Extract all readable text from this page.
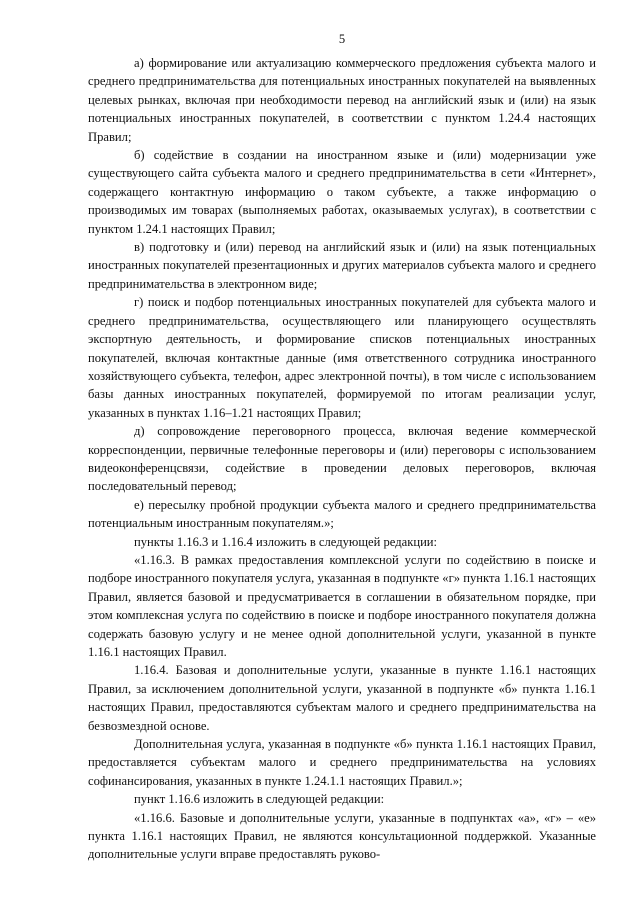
5

а) формирование или актуализацию коммерческого предложения субъекта малого и среднего предпринимательства для потенциальных иностранных покупателей на выявленных целевых рынках, включая при необходимости перевод на английский язык и (или) на язык потенциальных иностранных покупателей, в соответствии с пунктом 1.24.4 настоящих Правил;

б) содействие в создании на иностранном языке и (или) модернизации уже существующего сайта субъекта малого и среднего предпринимательства в сети «Интернет», содержащего контактную информацию о таком субъекте, а также информацию о производимых им товарах (выполняемых работах, оказываемых услугах), в соответствии с пунктом 1.24.1 настоящих Правил;

в) подготовку и (или) перевод на английский язык и (или) на язык потенциальных иностранных покупателей презентационных и других материалов субъекта малого и среднего предпринимательства в электронном виде;

г) поиск и подбор потенциальных иностранных покупателей для субъекта малого и среднего предпринимательства, осуществляющего или планирующего осуществлять экспортную деятельность, и формирование списков потенциальных иностранных покупателей, включая контактные данные (имя ответственного сотрудника иностранного хозяйствующего субъекта, телефон, адрес электронной почты), в том числе с использованием базы данных иностранных покупателей, формируемой по итогам реализации услуг, указанных в пунктах 1.16–1.21 настоящих Правил;

д) сопровождение переговорного процесса, включая ведение коммерческой корреспонденции, первичные телефонные переговоры и (или) переговоры с использованием видеоконференцсвязи, содействие в проведении деловых переговоров, включая последовательный перевод;

е) пересылку пробной продукции субъекта малого и среднего предпринимательства потенциальным иностранным покупателям.»;

пункты 1.16.3 и 1.16.4 изложить в следующей редакции:

«1.16.3. В рамках предоставления комплексной услуги по содействию в поиске и подборе иностранного покупателя услуга, указанная в подпункте «г» пункта 1.16.1 настоящих Правил, является базовой и предусматривается в соглашении в обязательном порядке, при этом комплексная услуга по содействию в поиске и подборе иностранного покупателя должна содержать базовую услугу и не менее одной дополнительной услуги, указанной в пункте 1.16.1 настоящих Правил.

1.16.4. Базовая и дополнительные услуги, указанные в пункте 1.16.1 настоящих Правил, за исключением дополнительной услуги, указанной в подпункте «б» пункта 1.16.1 настоящих Правил, предоставляются субъектам малого и среднего предпринимательства на безвозмездной основе.

Дополнительная услуга, указанная в подпункте «б» пункта 1.16.1 настоящих Правил, предоставляется субъектам малого и среднего предпринимательства на условиях софинансирования, указанных в пункте 1.24.1.1 настоящих Правил.»;

пункт 1.16.6 изложить в следующей редакции:

«1.16.6. Базовые и дополнительные услуги, указанные в подпунктах «а», «г» – «е» пункта 1.16.1 настоящих Правил, не являются консультационной поддержкой. Указанные дополнительные услуги вправе предоставлять руково-
